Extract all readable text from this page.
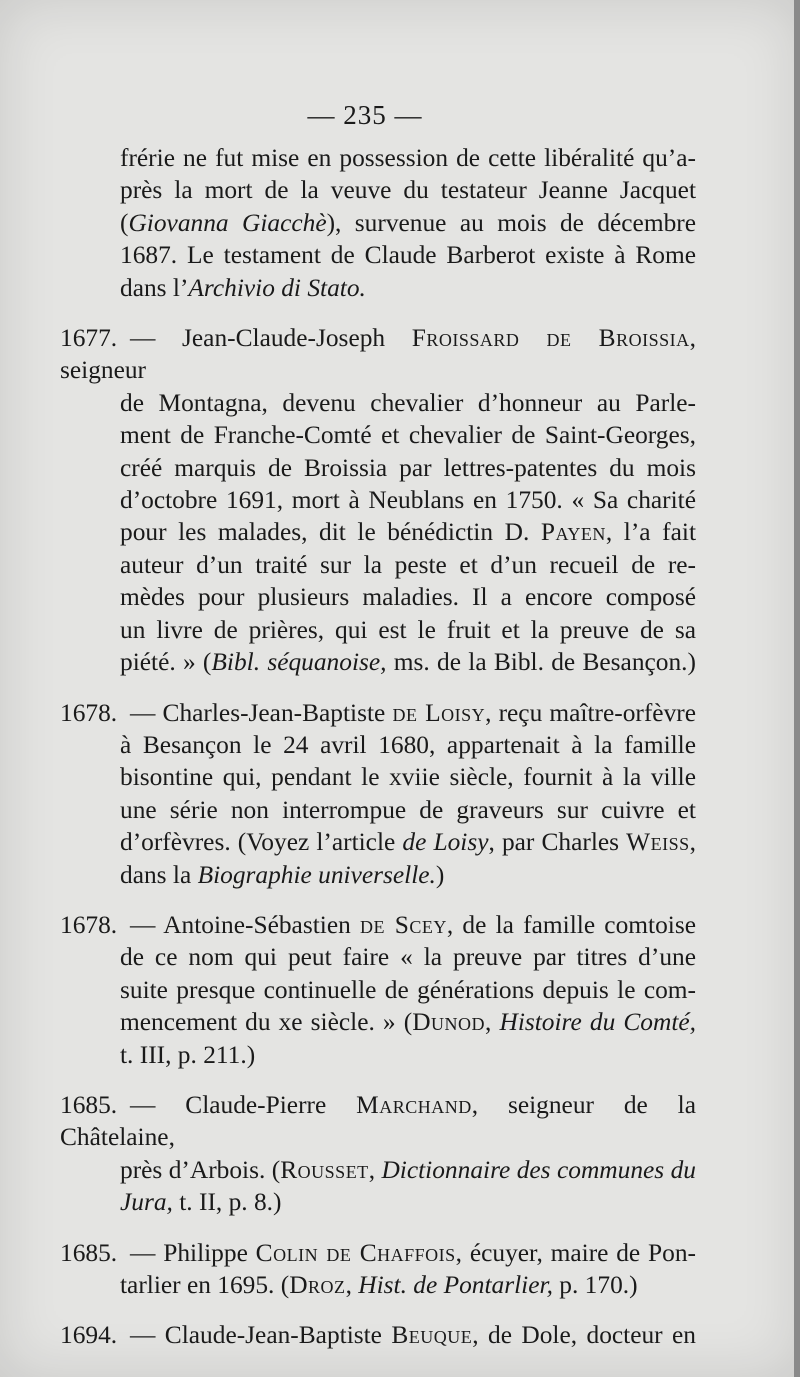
— 235 —
frérie ne fut mise en possession de cette libéralité qu’a-
près la mort de la veuve du testateur Jeanne Jacquet
(Giovanna Giacchè), survenue au mois de décembre
1687. Le testament de Claude Barberot existe à Rome
dans l’Archivio di Stato.
1677. — Jean-Claude-Joseph Froissard de Broissia, seigneur
de Montagna, devenu chevalier d’honneur au Parle-
ment de Franche-Comté et chevalier de Saint-Georges,
créé marquis de Broissia par lettres-patentes du mois
d’octobre 1691, mort à Neublans en 1750. « Sa charité
pour les malades, dit le bénédictin D. Payen, l’a fait
auteur d’un traité sur la peste et d’un recueil de re-
mèdes pour plusieurs maladies. Il a encore composé
un livre de prières, qui est le fruit et la preuve de sa
piété. » (Bibl. séquanoise, ms. de la Bibl. de Besançon.)
1678. — Charles-Jean-Baptiste de Loisy, reçu maître-orfèvre
à Besançon le 24 avril 1680, appartenait à la famille
bisontine qui, pendant le xviie siècle, fournit à la ville
une série non interrompue de graveurs sur cuivre et
d’orfèvres. (Voyez l’article de Loisy, par Charles Weiss,
dans la Biographie universelle.)
1678. — Antoine-Sébastien de Scey, de la famille comtoise
de ce nom qui peut faire « la preuve par titres d’une
suite presque continuelle de générations depuis le com-
mencement du xe siècle. » (Dunod, Histoire du Comté,
t. III, p. 211.)
1685. — Claude-Pierre Marchand, seigneur de la Châtelaine,
près d’Arbois. (Rousset, Dictionnaire des communes du
Jura, t. II, p. 8.)
1685. — Philippe Colin de Chaffois, écuyer, maire de Pon-
tarlier en 1695. (Droz, Hist. de Pontarlier, p. 170.)
1694. — Claude-Jean-Baptiste Beuque, de Dole, docteur en
